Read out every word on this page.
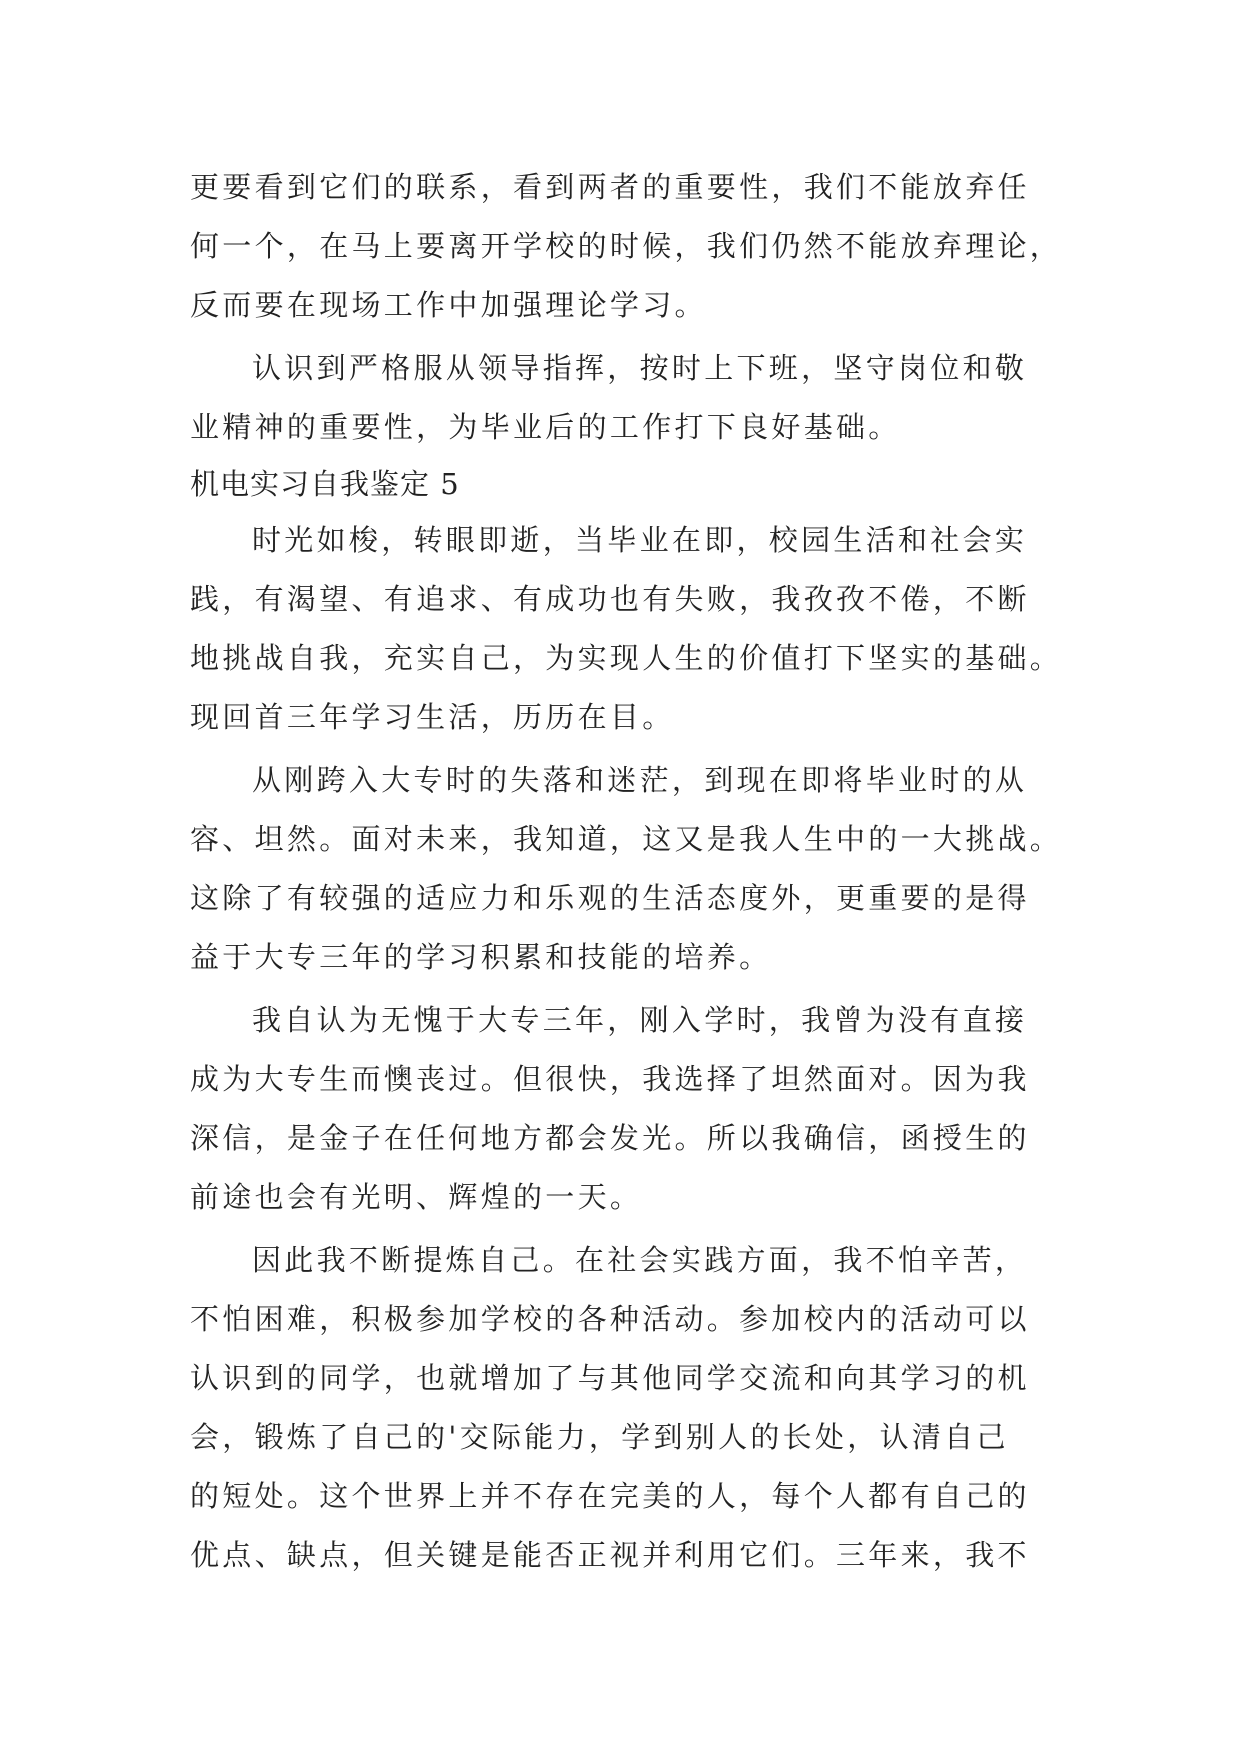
更要看到它们的联系，看到两者的重要性，我们不能放弃任
何一个，在马上要离开学校的时候，我们仍然不能放弃理论，
反而要在现场工作中加强理论学习。
认识到严格服从领导指挥，按时上下班，坚守岗位和敬
业精神的重要性，为毕业后的工作打下良好基础。
机电实习自我鉴定 5
时光如梭，转眼即逝，当毕业在即，校园生活和社会实
践，有渴望、有追求、有成功也有失败，我孜孜不倦，不断
地挑战自我，充实自己，为实现人生的价值打下坚实的基础。
现回首三年学习生活，历历在目。
从刚跨入大专时的失落和迷茫，到现在即将毕业时的从
容、坦然。面对未来，我知道，这又是我人生中的一大挑战。
这除了有较强的适应力和乐观的生活态度外，更重要的是得
益于大专三年的学习积累和技能的培养。
我自认为无愧于大专三年，刚入学时，我曾为没有直接
成为大专生而懊丧过。但很快，我选择了坦然面对。因为我
深信，是金子在任何地方都会发光。所以我确信，函授生的
前途也会有光明、辉煌的一天。
因此我不断提炼自己。在社会实践方面，我不怕辛苦，
不怕困难，积极参加学校的各种活动。参加校内的活动可以
认识到的同学，也就增加了与其他同学交流和向其学习的机
会，锻炼了自己的'交际能力，学到别人的长处，认清自己
的短处。这个世界上并不存在完美的人，每个人都有自己的
优点、缺点，但关键是能否正视并利用它们。三年来，我不
